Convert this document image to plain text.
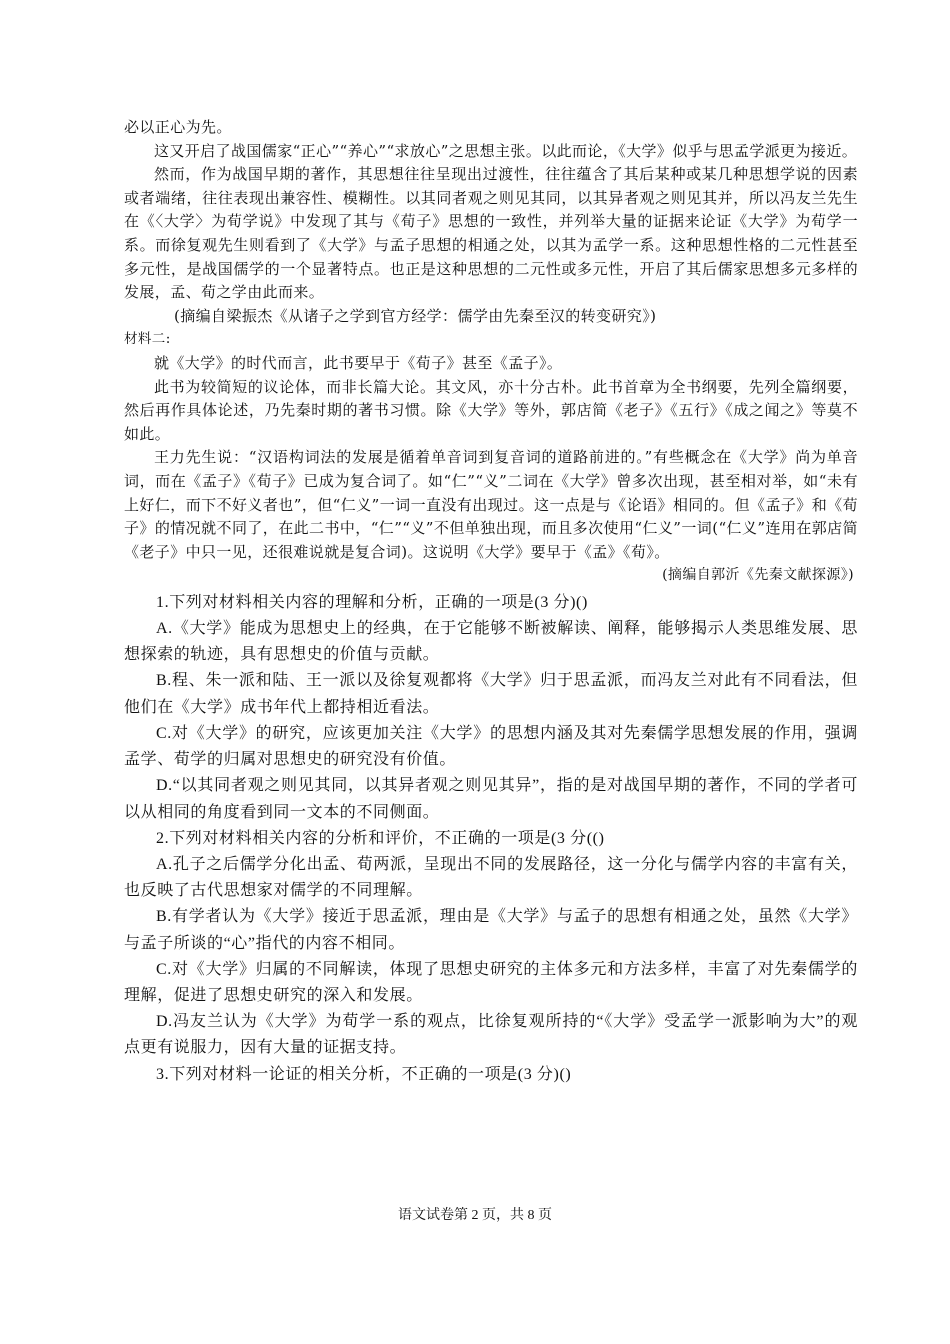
必以正心为先。

这又开启了战国儒家“正心”“养心”“求放心”之思想主张。以此而论，《大学》似乎与思孟学派更为接近。

然而，作为战国早期的著作，其思想往往呈现出过渡性，往往蕴含了其后某种或某几种思想学说的因素或者端绪，往往表现出兼容性、模糊性。以其同者观之则见其同，以其异者观之则见其并，所以冯友兰先生在《〈大学〉为荀学说》中发现了其与《荀子》思想的一致性，并列举大量的证据来论证《大学》为荀学一系。而徐复观先生则看到了《大学》与孟子思想的相通之处，以其为孟学一系。这种思想性格的二元性甚至多元性，是战国儒学的一个显著特点。也正是这种思想的二元性或多元性，开启了其后儒家思想多元多样的发展，孟、荀之学由此而来。

(摘编自梁振杰《从诸子之学到官方经学：儒学由先秦至汉的转变研究》)

材料二:

就《大学》的时代而言，此书要早于《荀子》甚至《孟子》。

此书为较简短的议论体，而非长篇大论。其文风，亦十分古朴。此书首章为全书纲要，先列全篇纲要，然后再作具体论述，乃先秦时期的著书习惯。除《大学》等外，郭店简《老子》《五行》《成之闻之》等莫不如此。

王力先生说：“汉语构词法的发展是循着单音词到复音词的道路前进的。”有些概念在《大学》尚为单音词，而在《孟子》《荀子》已成为复合词了。如“仁”“义”二词在《大学》曾多次出现，甚至相对举，如“未有上好仁，而下不好义者也”，但“仁义”一词一直没有出现过。这一点是与《论语》相同的。但《孟子》和《荀子》的情况就不同了，在此二书中，“仁”“义”不但单独出现，而且多次使用“仁义”一词(“仁义”连用在郭店简《老子》中只一见，还很难说就是复合词)。这说明《大学》要早于《孟》《荀》。

(摘编自郭沂《先秦文献探源》)

1.下列对材料相关内容的理解和分析，正确的一项是(3 分)()

A.《大学》能成为思想史上的经典，在于它能够不断被解读、阐释，能够揭示人类思维发展、思想探索的轨迹，具有思想史的价值与贡献。

B.程、朱一派和陆、王一派以及徐复观都将《大学》归于思孟派，而冯友兰对此有不同看法，但他们在《大学》成书年代上都持相近看法。

C.对《大学》的研究，应该更加关注《大学》的思想内涵及其对先秦儒学思想发展的作用，强调孟学、荀学的归属对思想史的研究没有价值。

D.“以其同者观之则见其同，以其异者观之则见其异”，指的是对战国早期的著作，不同的学者可以从相同的角度看到同一文本的不同侧面。

2.下列对材料相关内容的分析和评价，不正确的一项是(3 分(()

A.孔子之后儒学分化出孟、荀两派，呈现出不同的发展路径，这一分化与儒学内容的丰富有关，也反映了古代思想家对儒学的不同理解。

B.有学者认为《大学》接近于思孟派，理由是《大学》与孟子的思想有相通之处，虽然《大学》与孟子所谈的“心”指代的内容不相同。

C.对《大学》归属的不同解读，体现了思想史研究的主体多元和方法多样，丰富了对先秦儒学的理解，促进了思想史研究的深入和发展。

D.冯友兰认为《大学》为荀学一系的观点，比徐复观所持的“《大学》受孟学一派影响为大”的观点更有说服力，因有大量的证据支持。

3.下列对材料一论证的相关分析，不正确的一项是(3 分)()

语文试卷第 2 页，共 8 页
